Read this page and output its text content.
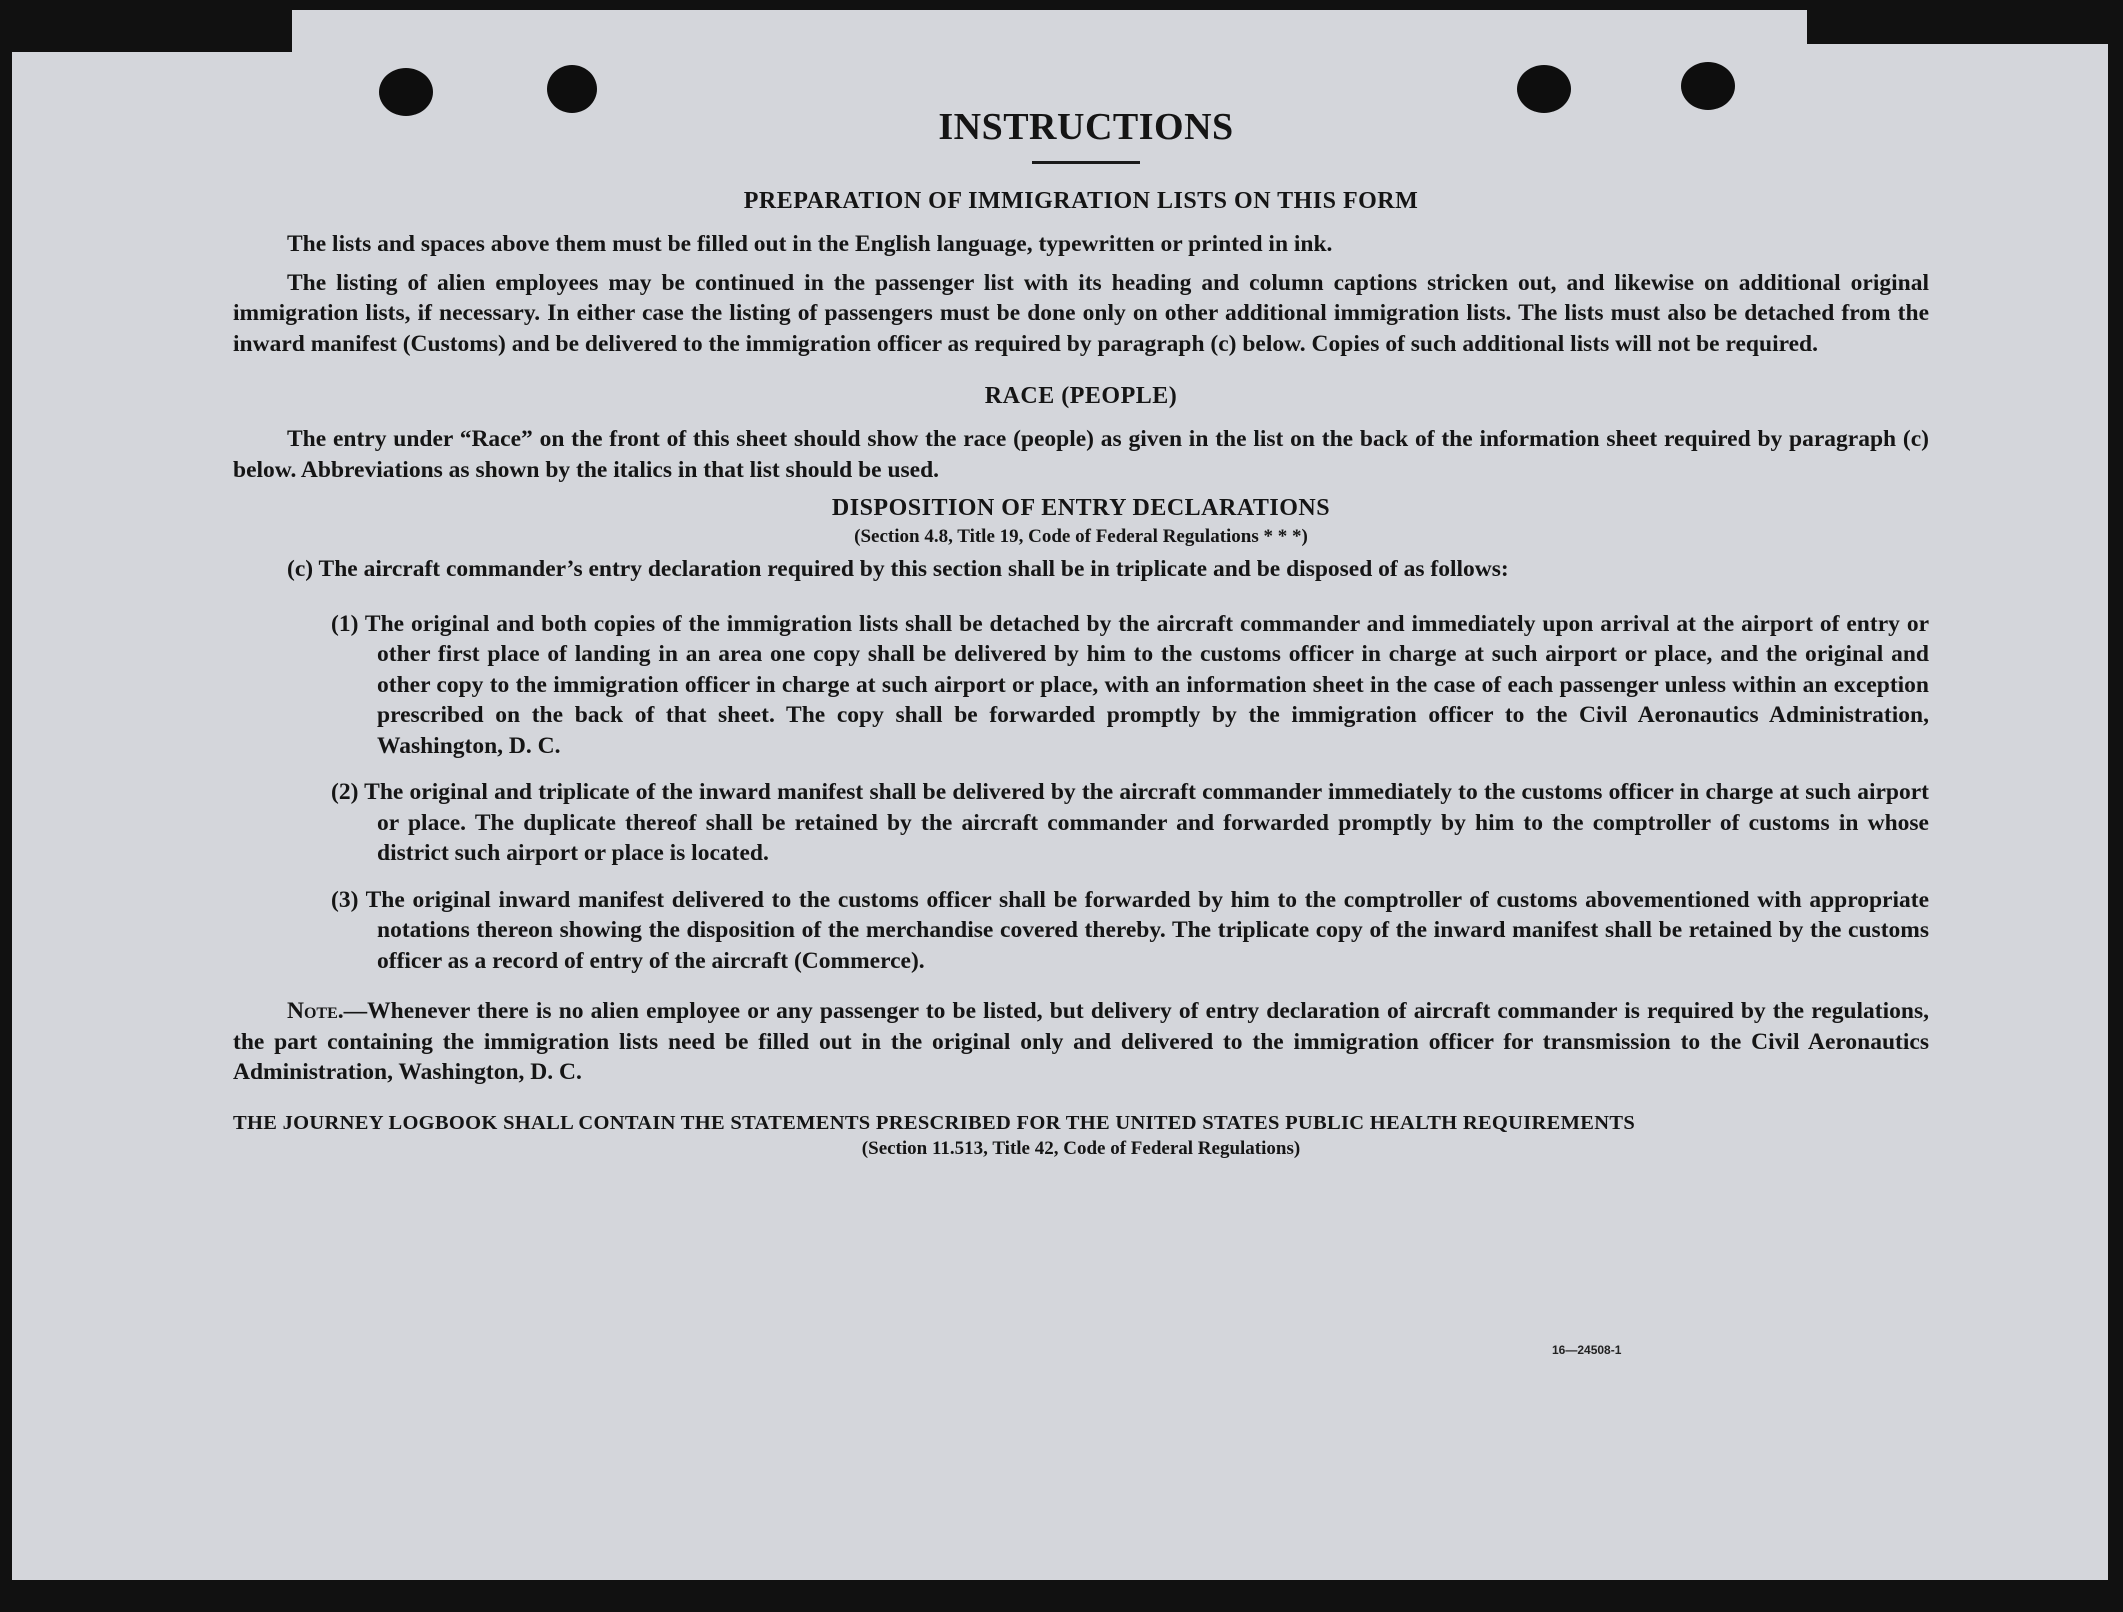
INSTRUCTIONS
PREPARATION OF IMMIGRATION LISTS ON THIS FORM

The lists and spaces above them must be filled out in the English language, typewritten or printed in ink.

The listing of alien employees may be continued in the passenger list with its heading and column captions stricken out, and likewise on additional original immigration lists, if necessary. In either case the listing of passengers must be done only on other additional immigration lists. The lists must also be detached from the inward manifest (Customs) and be delivered to the immigration officer as required by paragraph (c) below. Copies of such additional lists will not be required.

RACE (PEOPLE)

The entry under “Race” on the front of this sheet should show the race (people) as given in the list on the back of the information sheet required by paragraph (c) below. Abbreviations as shown by the italics in that list should be used.

DISPOSITION OF ENTRY DECLARATIONS
(Section 4.8, Title 19, Code of Federal Regulations * * *)

(c) The aircraft commander’s entry declaration required by this section shall be in triplicate and be disposed of as follows:

(1) The original and both copies of the immigration lists shall be detached by the aircraft commander and immediately upon arrival at the airport of entry or other first place of landing in an area one copy shall be delivered by him to the customs officer in charge at such airport or place, and the original and other copy to the immigration officer in charge at such airport or place, with an information sheet in the case of each passenger unless within an exception prescribed on the back of that sheet. The copy shall be forwarded promptly by the immigration officer to the Civil Aeronautics Administration, Washington, D. C.

(2) The original and triplicate of the inward manifest shall be delivered by the aircraft commander immediately to the customs officer in charge at such airport or place. The duplicate thereof shall be retained by the aircraft commander and forwarded promptly by him to the comptroller of customs in whose district such airport or place is located.

(3) The original inward manifest delivered to the customs officer shall be forwarded by him to the comptroller of customs abovementioned with appropriate notations thereon showing the disposition of the merchandise covered thereby. The triplicate copy of the inward manifest shall be retained by the customs officer as a record of entry of the aircraft (Commerce).

Note.—Whenever there is no alien employee or any passenger to be listed, but delivery of entry declaration of aircraft commander is required by the regulations, the part containing the immigration lists need be filled out in the original only and delivered to the immigration officer for transmission to the Civil Aeronautics Administration, Washington, D. C.

THE JOURNEY LOGBOOK SHALL CONTAIN THE STATEMENTS PRESCRIBED FOR THE UNITED STATES PUBLIC HEALTH REQUIREMENTS

(Section 11.513, Title 42, Code of Federal Regulations)
16—24508-1
